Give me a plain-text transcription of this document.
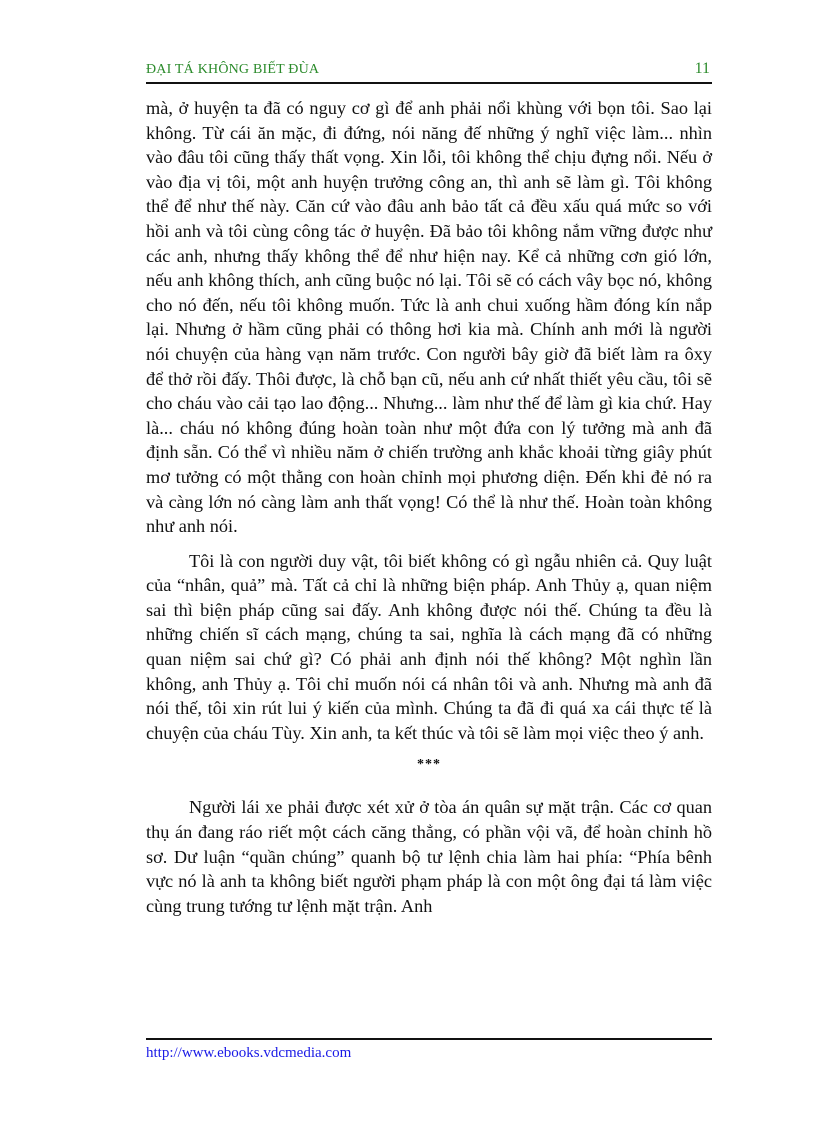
ĐẠI TÁ KHÔNG BIẾT ĐÙA	11

mà, ở huyện ta đã có nguy cơ gì để anh phải nổi khùng với bọn tôi. Sao lại không. Từ cái ăn mặc, đi đứng, nói năng đế những ý nghĩ việc làm... nhìn vào đâu tôi cũng thấy thất vọng. Xin lỗi, tôi không thể chịu đựng nổi. Nếu ở vào địa vị tôi, một anh huyện trưởng công an, thì anh sẽ làm gì. Tôi không thể để như thế này. Căn cứ vào đâu anh bảo tất cả đều xấu quá mức so với hồi anh và tôi cùng công tác ở huyện. Đã bảo tôi không nắm vững được như các anh, nhưng thấy không thể để như hiện nay. Kể cả những cơn gió lớn, nếu anh không thích, anh cũng buộc nó lại. Tôi sẽ có cách vây bọc nó, không cho nó đến, nếu tôi không muốn. Tức là anh chui xuống hầm đóng kín nắp lại. Nhưng ở hầm cũng phải có thông hơi kia mà. Chính anh mới là người nói chuyện của hàng vạn năm trước. Con người bây giờ đã biết làm ra ôxy để thở rồi đấy. Thôi được, là chỗ bạn cũ, nếu anh cứ nhất thiết yêu cầu, tôi sẽ cho cháu vào cải tạo lao động... Nhưng... làm như thế để làm gì kia chứ. Hay là... cháu nó không đúng hoàn toàn như một đứa con lý tưởng mà anh đã định sẵn. Có thể vì nhiều năm ở chiến trường anh khắc khoải từng giây phút mơ tưởng có một thằng con hoàn chỉnh mọi phương diện. Đến khi đẻ nó ra và càng lớn nó càng làm anh thất vọng! Có thể là như thế. Hoàn toàn không như anh nói.

Tôi là con người duy vật, tôi biết không có gì ngẫu nhiên cả. Quy luật của “nhân, quả” mà. Tất cả chỉ là những biện pháp. Anh Thủy ạ, quan niệm sai thì biện pháp cũng sai đấy. Anh không được nói thế. Chúng ta đều là những chiến sĩ cách mạng, chúng ta sai, nghĩa là cách mạng đã có những quan niệm sai chứ gì? Có phải anh định nói thế không? Một nghìn lần không, anh Thủy ạ. Tôi chỉ muốn nói cá nhân tôi và anh. Nhưng mà anh đã nói thế, tôi xin rút lui ý kiến của mình. Chúng ta đã đi quá xa cái thực tế là chuyện của cháu Tùy. Xin anh, ta kết thúc và tôi sẽ làm mọi việc theo ý anh.

***

Người lái xe phải được xét xử ở tòa án quân sự mặt trận. Các cơ quan thụ án đang ráo riết một cách căng thẳng, có phần vội vã, để hoàn chỉnh hồ sơ. Dư luận “quần chúng” quanh bộ tư lệnh chia làm hai phía: “Phía bênh vực nó là anh ta không biết người phạm pháp là con một ông đại tá làm việc cùng trung tướng tư lệnh mặt trận. Anh

http://www.ebooks.vdcmedia.com
